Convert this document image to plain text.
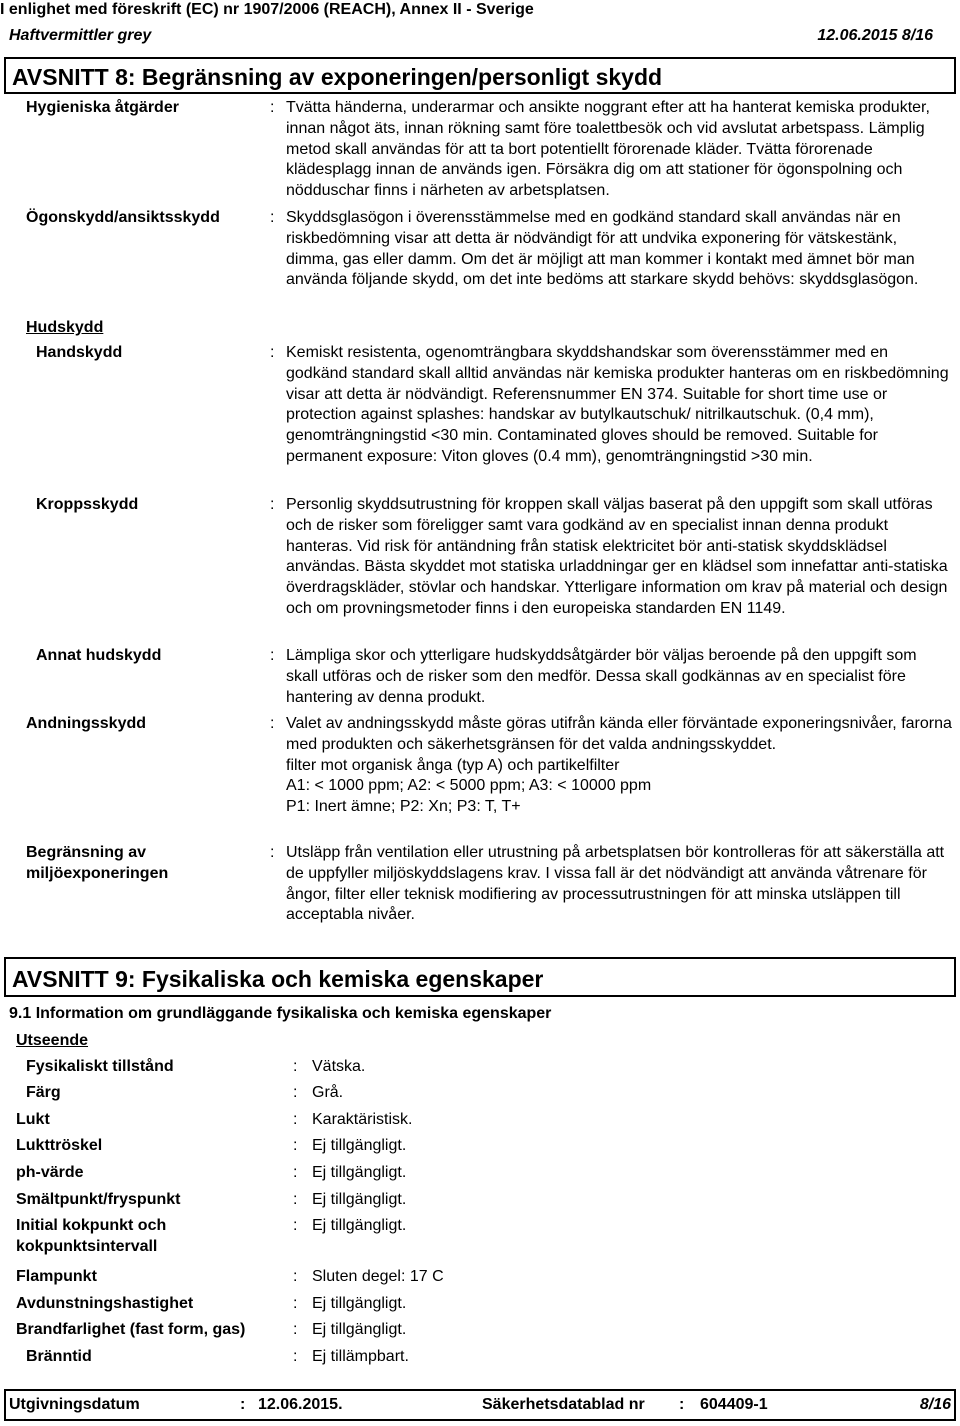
I enlighet med föreskrift (EC) nr 1907/2006 (REACH), Annex II - Sverige
Haftvermittler grey	12.06.2015 8/16
AVSNITT 8: Begränsning av exponeringen/personligt skydd
Hygieniska åtgärder	: Tvätta händerna, underarmar och ansikte noggrant efter att ha hanterat kemiska produkter, innan något äts, innan rökning samt före toalettbesök och vid avslutat arbetspass. Lämplig metod skall användas för att ta bort potentiellt förorenade kläder. Tvätta förorenade klädesplagg innan de används igen. Försäkra dig om att stationer för ögonspolning och nödduschar finns i närheten av arbetsplatsen.
Ögonskydd/ansiktsskydd	: Skyddsglasögon i överensstämmelse med en godkänd standard skall användas när en riskbedömning visar att detta är nödvändigt för att undvika exponering för vätskestänk, dimma, gas eller damm. Om det är möjligt att man kommer i kontakt med ämnet bör man använda följande skydd, om det inte bedöms att starkare skydd behövs: skyddsglasögon.
Hudskydd
Handskydd	: Kemiskt resistenta, ogenomträngbara skyddshandskar som överensstämmer med en godkänd standard skall alltid användas när kemiska produkter hanteras om en riskbedömning visar att detta är nödvändigt. Referensnummer EN 374. Suitable for short time use or protection against splashes: handskar av butylkautschuk/ nitrilkautschuk. (0,4 mm), genomträngningstid <30 min. Contaminated gloves should be removed. Suitable for permanent exposure: Viton gloves (0.4 mm), genomträngningstid >30 min.
Kroppsskydd	: Personlig skyddsutrustning för kroppen skall väljas baserat på den uppgift som skall utföras och de risker som föreligger samt vara godkänd av en specialist innan denna produkt hanteras. Vid risk för antändning från statisk elektricitet bör anti-statisk skyddsklädsel användas. Bästa skyddet mot statiska urladdningar ger en klädsel som innefattar anti-statiska överdragskläder, stövlar och handskar. Ytterligare information om krav på material och design och om provningsmetoder finns i den europeiska standarden EN 1149.
Annat hudskydd	: Lämpliga skor och ytterligare hudskyddsåtgärder bör väljas beroende på den uppgift som skall utföras och de risker som den medför. Dessa skall godkännas av en specialist före hantering av denna produkt.
Andningsskydd	: Valet av andningsskydd måste göras utifrån kända eller förväntade exponeringsnivåer, farorna med produkten och säkerhetsgränsen för det valda andningsskyddet.
filter mot organisk ånga (typ A) och partikelfilter
A1: < 1000 ppm; A2: < 5000 ppm; A3: < 10000 ppm
P1: Inert ämne; P2: Xn; P3: T, T+
Begränsning av
miljöexponeringen
: Utsläpp från ventilation eller utrustning på arbetsplatsen bör kontrolleras för att säkerställa att de uppfyller miljöskyddslagens krav. I vissa fall är det nödvändigt att använda våtrenare för ångor, filter eller teknisk modifiering av processutrustningen för att minska utsläppen till acceptabla nivåer.
AVSNITT 9: Fysikaliska och kemiska egenskaper
9.1 Information om grundläggande fysikaliska och kemiska egenskaper
Utseende
Fysikaliskt tillstånd	: Vätska.
Färg	: Grå.
Lukt	: Karaktäristisk.
Lukttröskel	: Ej tillgängligt.
ph-värde	: Ej tillgängligt.
Smältpunkt/fryspunkt	: Ej tillgängligt.
Initial kokpunkt och
kokpunktsintervall
: Ej tillgängligt.
Flampunkt	: Sluten degel: 17 C
Avdunstningshastighet	: Ej tillgängligt.
Brandfarlighet (fast form, gas)	: Ej tillgängligt.
Bränntid	: Ej tillämpbart.
Utgivningsdatum	: 12.06.2015.	Säkerhetsdatablad nr : 604409-1	8/16
